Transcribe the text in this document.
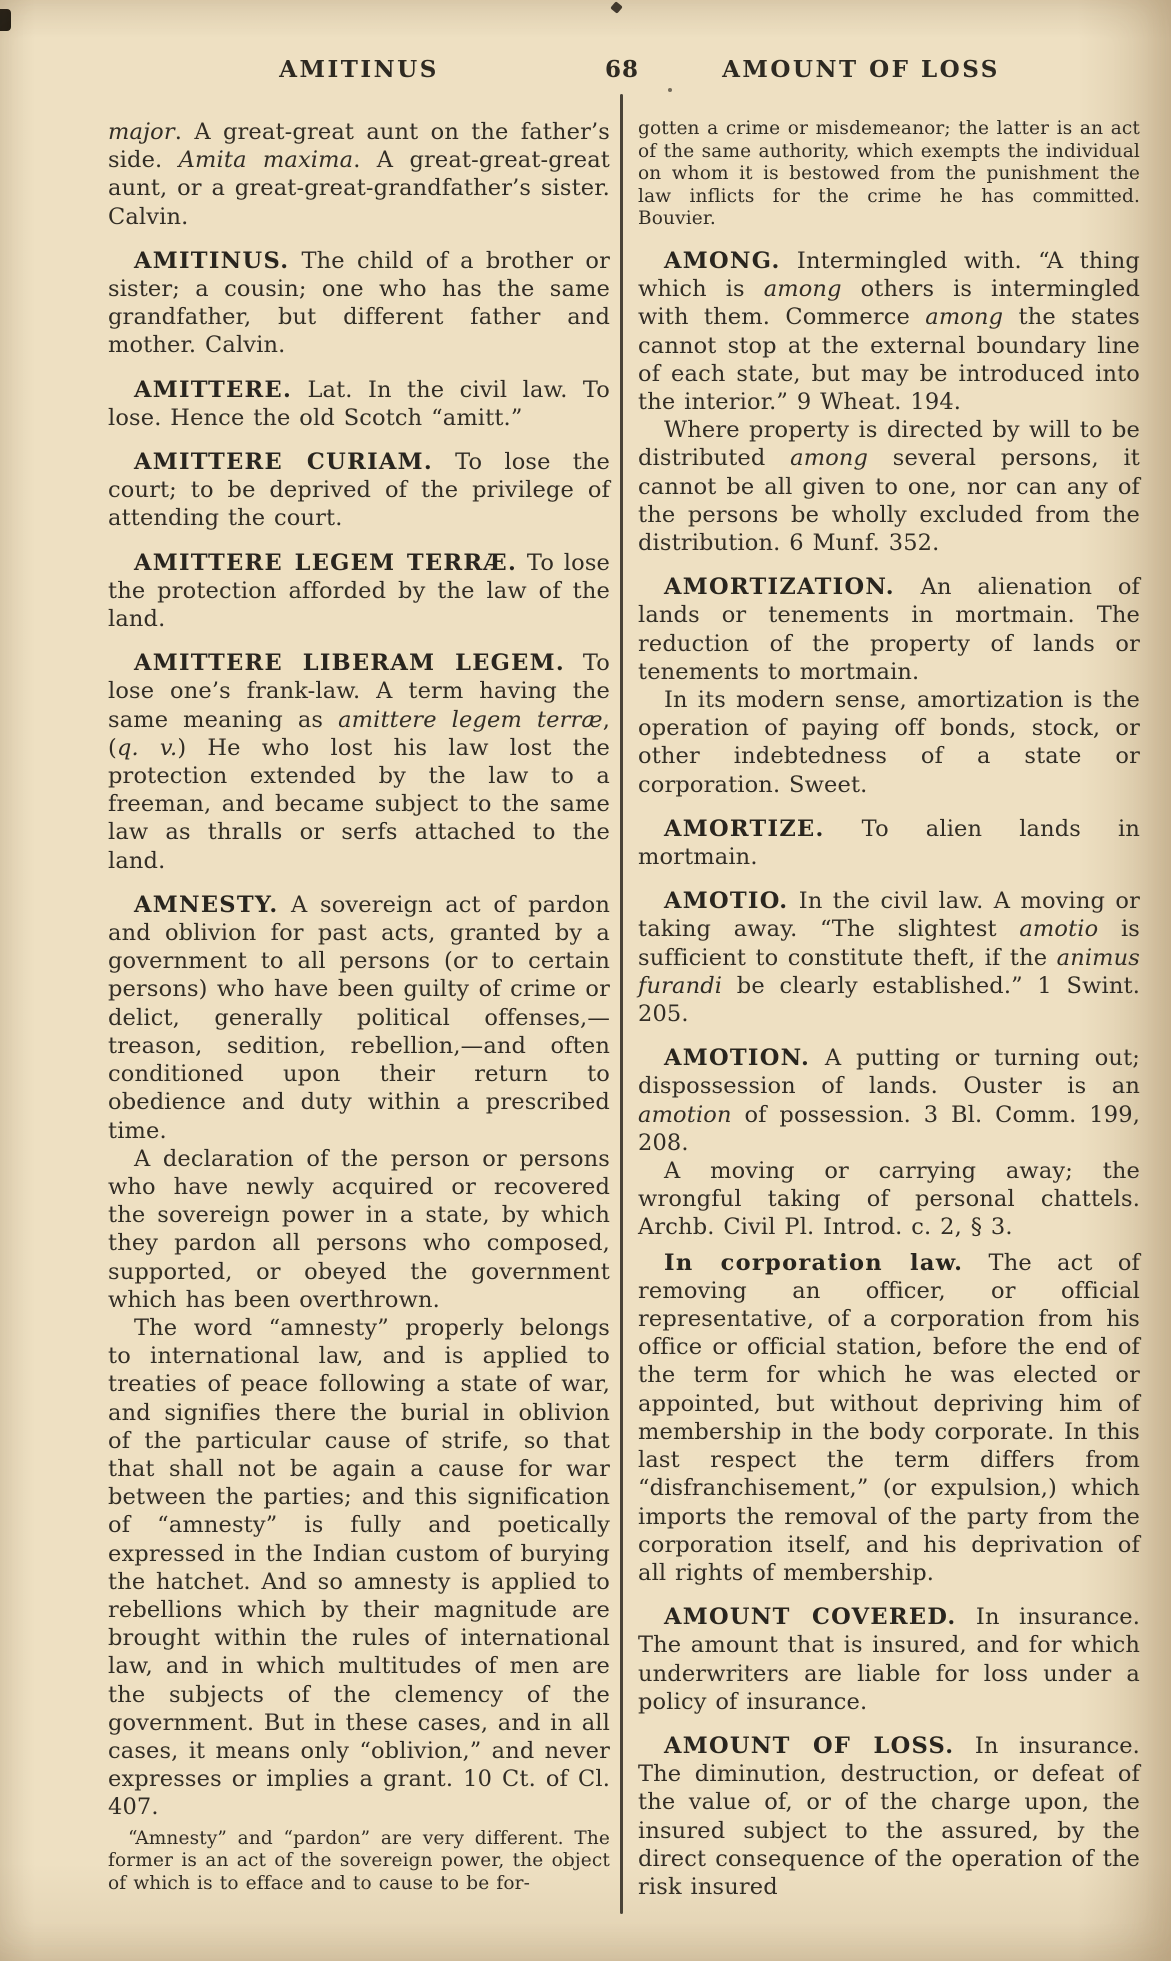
AMITINUS	68	AMOUNT OF LOSS

major. A great-great aunt on the father’s side. Amita maxima. A great-great-great aunt, or a great-great-grandfather’s sister. Calvin.

AMITINUS. The child of a brother or sister; a cousin; one who has the same grandfather, but different father and mother. Calvin.

AMITTERE. Lat. In the civil law. To lose. Hence the old Scotch “amitt.”

AMITTERE CURIAM. To lose the court; to be deprived of the privilege of attending the court.

AMITTERE LEGEM TERRÆ. To lose the protection afforded by the law of the land.

AMITTERE LIBERAM LEGEM. To lose one’s frank-law. A term having the same meaning as amittere legem terræ, (q. v.) He who lost his law lost the protection extended by the law to a freeman, and became subject to the same law as thralls or serfs attached to the land.

AMNESTY. A sovereign act of pardon and oblivion for past acts, granted by a government to all persons (or to certain persons) who have been guilty of crime or delict, generally political offenses,—treason, sedition, rebellion,—and often conditioned upon their return to obedience and duty within a prescribed time.

A declaration of the person or persons who have newly acquired or recovered the sovereign power in a state, by which they pardon all persons who composed, supported, or obeyed the government which has been overthrown.

The word “amnesty” properly belongs to international law, and is applied to treaties of peace following a state of war, and signifies there the burial in oblivion of the particular cause of strife, so that that shall not be again a cause for war between the parties; and this signification of “amnesty” is fully and poetically expressed in the Indian custom of burying the hatchet. And so amnesty is applied to rebellions which by their magnitude are brought within the rules of international law, and in which multitudes of men are the subjects of the clemency of the government. But in these cases, and in all cases, it means only “oblivion,” and never expresses or implies a grant. 10 Ct. of Cl. 407.

“Amnesty” and “pardon” are very different. The former is an act of the sovereign power, the object of which is to efface and to cause to be for-

gotten a crime or misdemeanor; the latter is an act of the same authority, which exempts the individual on whom it is bestowed from the punishment the law inflicts for the crime he has committed. Bouvier.

AMONG. Intermingled with. “A thing which is among others is intermingled with them. Commerce among the states cannot stop at the external boundary line of each state, but may be introduced into the interior.” 9 Wheat. 194.

Where property is directed by will to be distributed among several persons, it cannot be all given to one, nor can any of the persons be wholly excluded from the distribution. 6 Munf. 352.

AMORTIZATION. An alienation of lands or tenements in mortmain. The reduction of the property of lands or tenements to mortmain.

In its modern sense, amortization is the operation of paying off bonds, stock, or other indebtedness of a state or corporation. Sweet.

AMORTIZE. To alien lands in mortmain.

AMOTIO. In the civil law. A moving or taking away. “The slightest amotio is sufficient to constitute theft, if the animus furandi be clearly established.” 1 Swint. 205.

AMOTION. A putting or turning out; dispossession of lands. Ouster is an amotion of possession. 3 Bl. Comm. 199, 208.

A moving or carrying away; the wrongful taking of personal chattels. Archb. Civil Pl. Introd. c. 2, § 3.

In corporation law. The act of removing an officer, or official representative, of a corporation from his office or official station, before the end of the term for which he was elected or appointed, but without depriving him of membership in the body corporate. In this last respect the term differs from “disfranchisement,” (or expulsion,) which imports the removal of the party from the corporation itself, and his deprivation of all rights of membership.

AMOUNT COVERED. In insurance. The amount that is insured, and for which underwriters are liable for loss under a policy of insurance.

AMOUNT OF LOSS. In insurance. The diminution, destruction, or defeat of the value of, or of the charge upon, the insured subject to the assured, by the direct consequence of the operation of the risk insured
